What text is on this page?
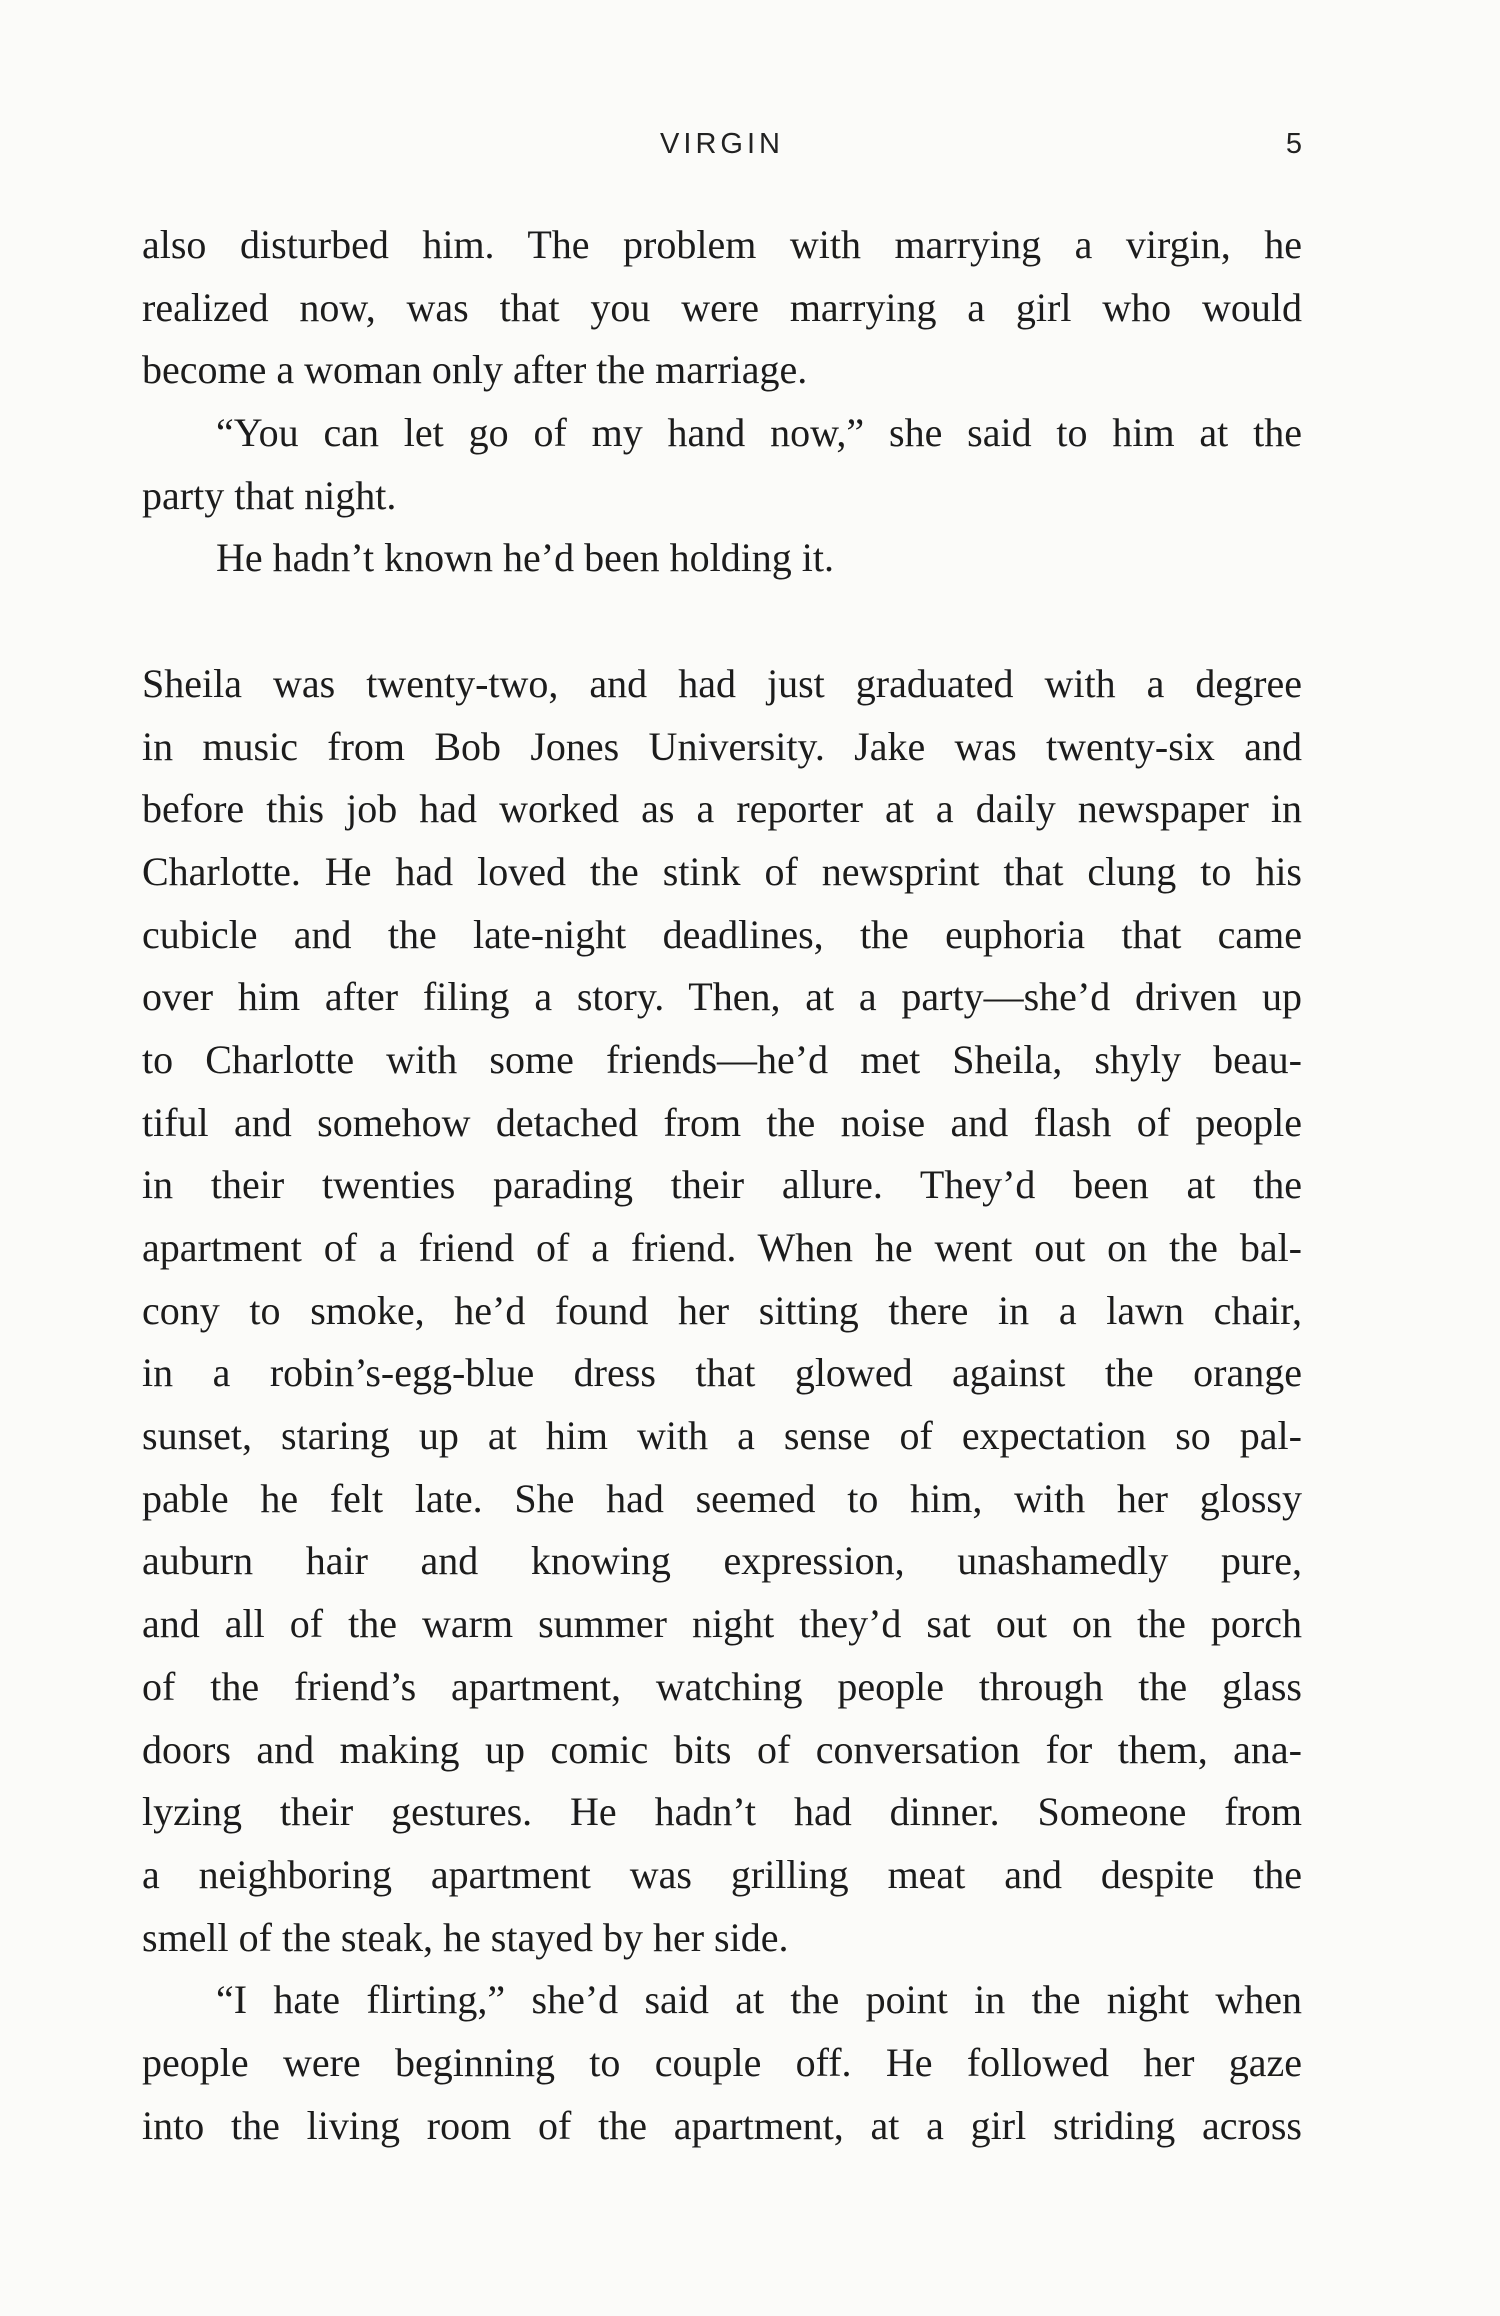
VIRGIN	5
also disturbed him. The problem with marrying a virgin, he
realized now, was that you were marrying a girl who would
become a woman only after the marriage.
“You can let go of my hand now,” she said to him at the
party that night.
He hadn’t known he’d been holding it.
Sheila was twenty-two, and had just graduated with a degree
in music from Bob Jones University. Jake was twenty-six and
before this job had worked as a reporter at a daily newspaper in
Charlotte. He had loved the stink of newsprint that clung to his
cubicle and the late-night deadlines, the euphoria that came
over him after filing a story. Then, at a party—she’d driven up
to Charlotte with some friends—he’d met Sheila, shyly beau-
tiful and somehow detached from the noise and flash of people
in their twenties parading their allure. They’d been at the
apartment of a friend of a friend. When he went out on the bal-
cony to smoke, he’d found her sitting there in a lawn chair,
in a robin’s-egg-blue dress that glowed against the orange
sunset, staring up at him with a sense of expectation so pal-
pable he felt late. She had seemed to him, with her glossy
auburn hair and knowing expression, unashamedly pure,
and all of the warm summer night they’d sat out on the porch
of the friend’s apartment, watching people through the glass
doors and making up comic bits of conversation for them, ana-
lyzing their gestures. He hadn’t had dinner. Someone from
a neighboring apartment was grilling meat and despite the
smell of the steak, he stayed by her side.
“I hate flirting,” she’d said at the point in the night when
people were beginning to couple off. He followed her gaze
into the living room of the apartment, at a girl striding across
